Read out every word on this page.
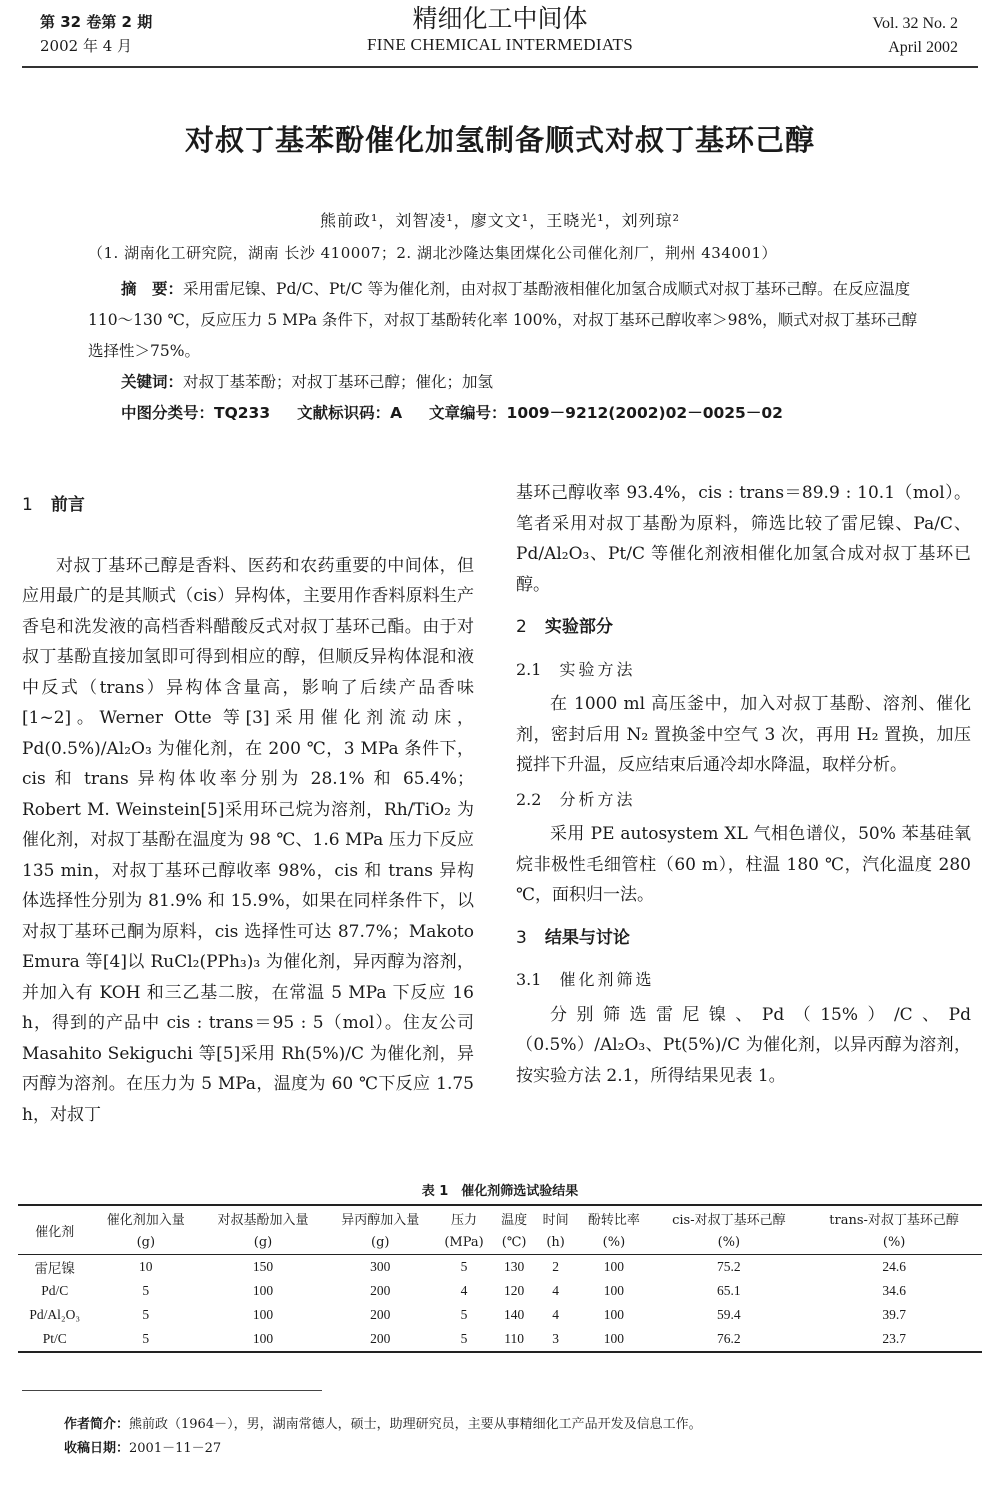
第 32 卷第 2 期
2002 年 4 月
精细化工中间体
FINE CHEMICAL INTERMEDIATS
Vol. 32 No. 2
April 2002
对叔丁基苯酚催化加氢制备顺式对叔丁基环己醇
熊前政¹，刘智凌¹，廖文文¹，王晓光¹，刘列琼²
（1. 湖南化工研究院，湖南 长沙 410007；2. 湖北沙隆达集团煤化公司催化剂厂，荆州 434001）

摘　要：采用雷尼镍、Pd/C、Pt/C 等为催化剂，由对叔丁基酚液相催化加氢合成顺式对叔丁基环己醇。在反应温度 110～130 ℃，反应压力 5 MPa 条件下，对叔丁基酚转化率 100%，对叔丁基环己醇收率＞98%，顺式对叔丁基环己醇选择性＞75%。

关键词：对叔丁基苯酚；对叔丁基环己醇；催化；加氢

中图分类号：TQ233 文献标识码：A 文章编号：1009－9212(2002)02－0025－02

1 前言

对叔丁基环己醇是香料、医药和农药重要的中间体，但应用最广的是其顺式（cis）异构体，主要用作香料原料生产香皂和洗发液的高档香料醋酸反式对叔丁基环己酯。由于对叔丁基酚直接加氢即可得到相应的醇，但顺反异构体混和液中反式（trans）异构体含量高，影响了后续产品香味[1~2]。Werner Otte 等[3]采用催化剂流动床，Pd(0.5%)/Al₂O₃ 为催化剂，在 200 ℃，3 MPa 条件下，cis 和 trans 异构体收率分别为 28.1% 和 65.4%；Robert M. Weinstein[5]采用环己烷为溶剂，Rh/TiO₂ 为催化剂，对叔丁基酚在温度为 98 ℃、1.6 MPa 压力下反应 135 min，对叔丁基环己醇收率 98%，cis 和 trans 异构体选择性分别为 81.9% 和 15.9%，如果在同样条件下，以对叔丁基环己酮为原料，cis 选择性可达 87.7%；Makoto Emura 等[4]以 RuCl₂(PPh₃)₃ 为催化剂，异丙醇为溶剂，并加入有 KOH 和三乙基二胺，在常温 5 MPa 下反应 16 h，得到的产品中 cis : trans＝95 : 5（mol）。住友公司 Masahito Sekiguchi 等[5]采用 Rh(5%)/C 为催化剂，异丙醇为溶剂。在压力为 5 MPa，温度为 60 ℃下反应 1.75 h，对叔丁

基环己醇收率 93.4%，cis : trans＝89.9 : 10.1（mol）。笔者采用对叔丁基酚为原料，筛选比较了雷尼镍、Pa/C、Pd/Al₂O₃、Pt/C 等催化剂液相催化加氢合成对叔丁基环已醇。

2 实验部分
2.1 实验方法

在 1000 ml 高压釜中，加入对叔丁基酚、溶剂、催化剂，密封后用 N₂ 置换釜中空气 3 次，再用 H₂ 置换，加压搅拌下升温，反应结束后通冷却水降温，取样分析。

2.2 分析方法

采用 PE autosystem XL 气相色谱仪，50% 苯基硅氧烷非极性毛细管柱（60 m），柱温 180 ℃，汽化温度 280 ℃，面积归一法。

3 结果与讨论
3.1 催化剂筛选

分别筛选雷尼镍、Pd（15%）/C、Pd（0.5%）/Al₂O₃、Pt(5%)/C 为催化剂，以异丙醇为溶剂，按实验方法 2.1，所得结果见表 1。

表 1　催化剂筛选试验结果
催化剂	催化剂加入量	对叔基酚加入量	异丙醇加入量	压力	温度	时间	酚转比率	cis-对叔丁基环己醇	trans-对叔丁基环己醇
	(g)	(g)	(g)	(MPa)	(℃)	(h)	(%)	(%)	(%)
雷尼镍	10	150	300	5	130	2	100	75.2	24.6
Pd/C	5	100	200	4	120	4	100	65.1	34.6
Pd/Al₂O₃	5	100	200	5	140	4	100	59.4	39.7
Pt/C	5	100	200	5	110	3	100	76.2	23.7
作者简介：熊前政（1964－），男，湖南常德人，硕士，助理研究员，主要从事精细化工产品开发及信息工作。
收稿日期：2001－11－27
